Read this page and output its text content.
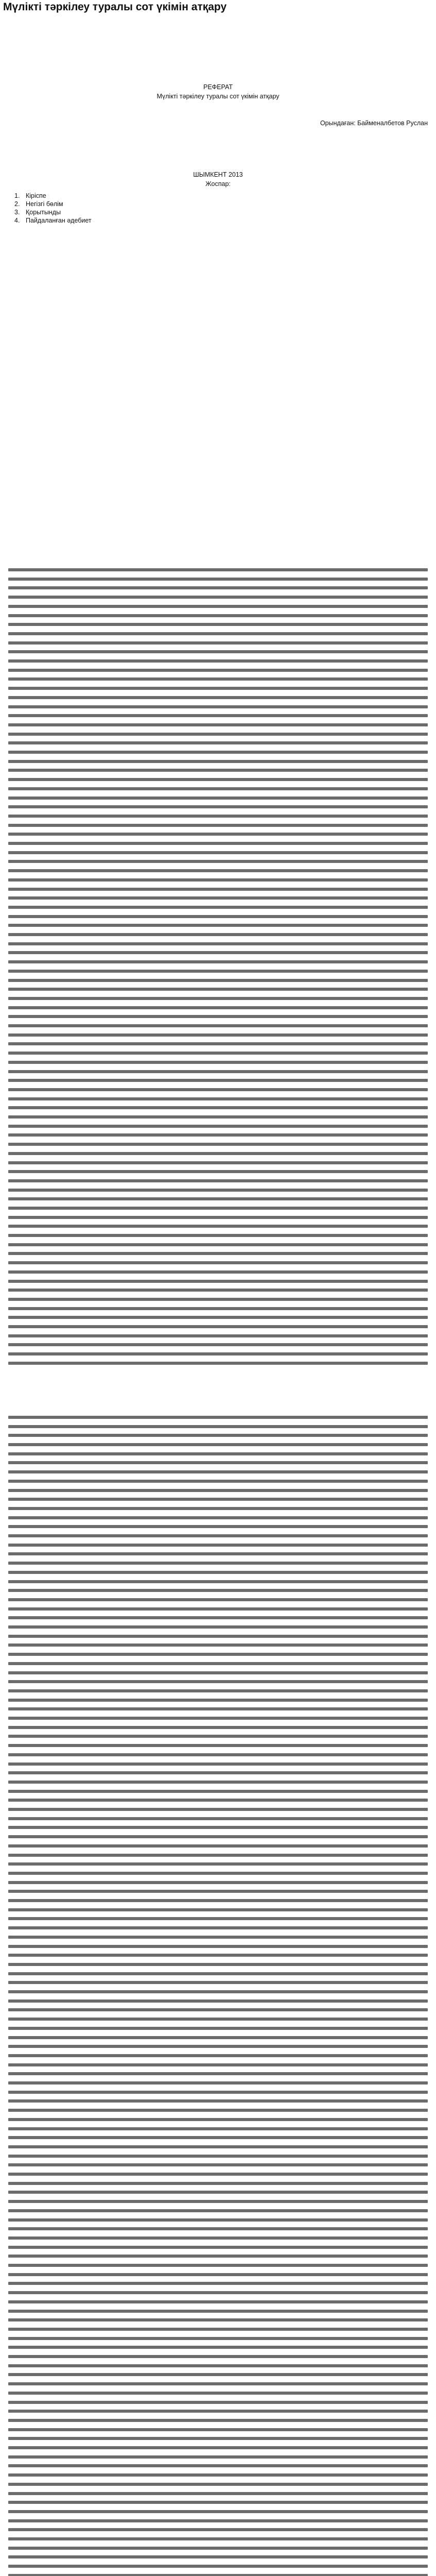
Мүлікті тәркілеу туралы сот үкімін атқару
РЕФЕРАТ
Мүлікті тәркілеу туралы сот үкімін атқару
Орындаған: Байменалбетов Руслан
ШЫМКЕНТ 2013
Жоспар:
1. Кіріспе
2. Негізгі бөлім
3. Қорытынды
4. Пайдаланған әдебиет
